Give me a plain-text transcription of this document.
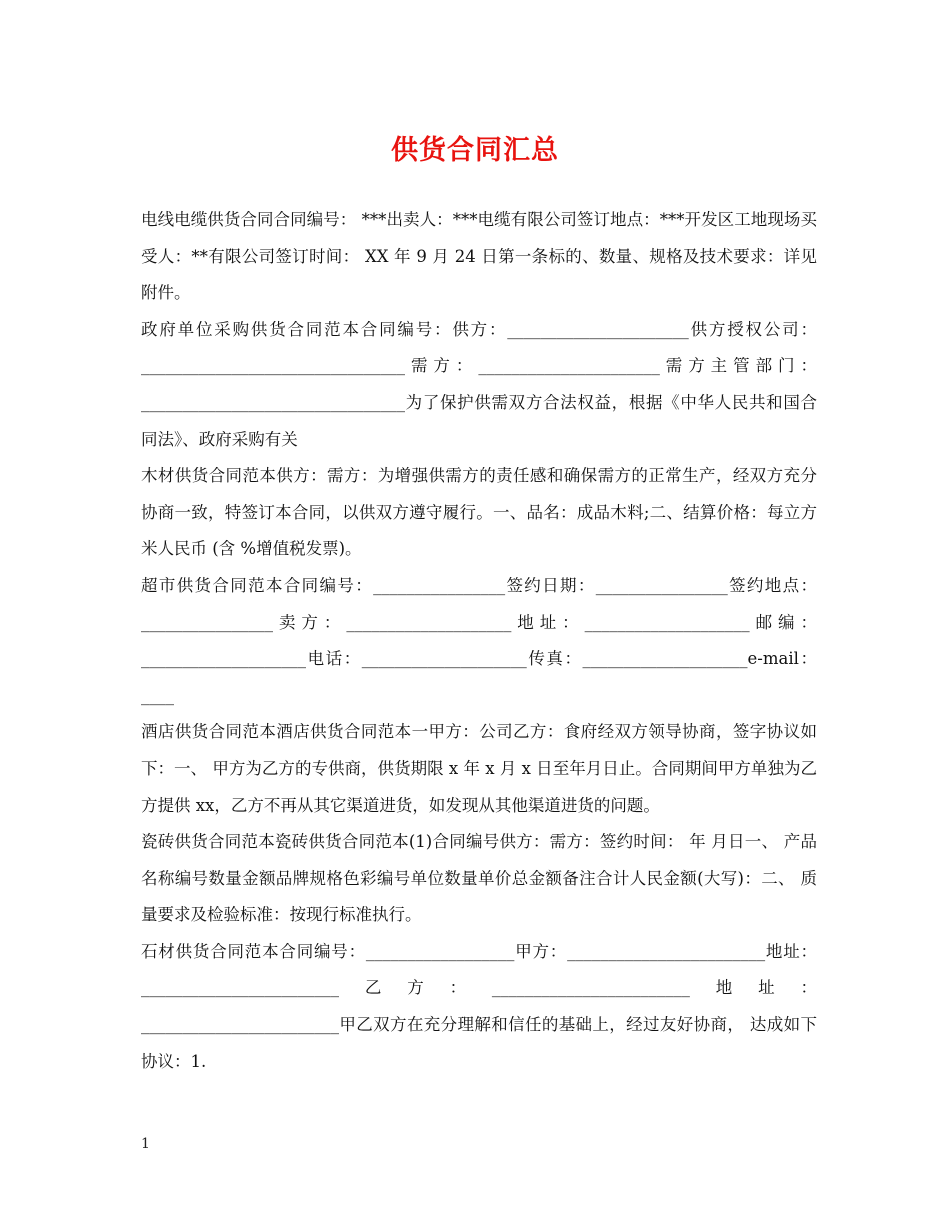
供货合同汇总

电线电缆供货合同合同编号： ***出卖人：***电缆有限公司签订地点：***开发区工地现场买受人：**有限公司签订时间： XX 年 9 月 24 日第一条标的、数量、规格及技术要求：详见附件。

政府单位采购供货合同范本合同编号：供方：______________________供方授权公司：________________________________需方：______________________需方主管部门：________________________________为了保护供需双方合法权益，根据《中华人民共和国合同法》、政府采购有关

木材供货合同范本供方：需方：为增强供需方的责任感和确保需方的正常生产，经双方充分协商一致，特签订本合同，以供双方遵守履行。一、品名：成品木料;二、结算价格：每立方米人民币 (含 %增值税发票)。

超市供货合同范本合同编号：________________签约日期：________________签约地点：________________卖方：____________________地址：____________________邮编：____________________电话：____________________传真：____________________e-mail：____

酒店供货合同范本酒店供货合同范本一甲方：公司乙方：食府经双方领导协商，签字协议如下：一、 甲方为乙方的专供商，供货期限 x 年 x 月 x 日至年月日止。合同期间甲方单独为乙方提供 xx，乙方不再从其它渠道进货，如发现从其他渠道进货的问题。

瓷砖供货合同范本瓷砖供货合同范本(1)合同编号供方：需方：签约时间： 年 月日一、 产品名称编号数量金额品牌规格色彩编号单位数量单价总金额备注合计人民金额(大写)：二、 质量要求及检验标准：按现行标准执行。

石材供货合同范本合同编号：__________________甲方：________________________地址：________________________乙方：________________________地址：________________________甲乙双方在充分理解和信任的基础上，经过友好协商， 达成如下协议：1.

1
